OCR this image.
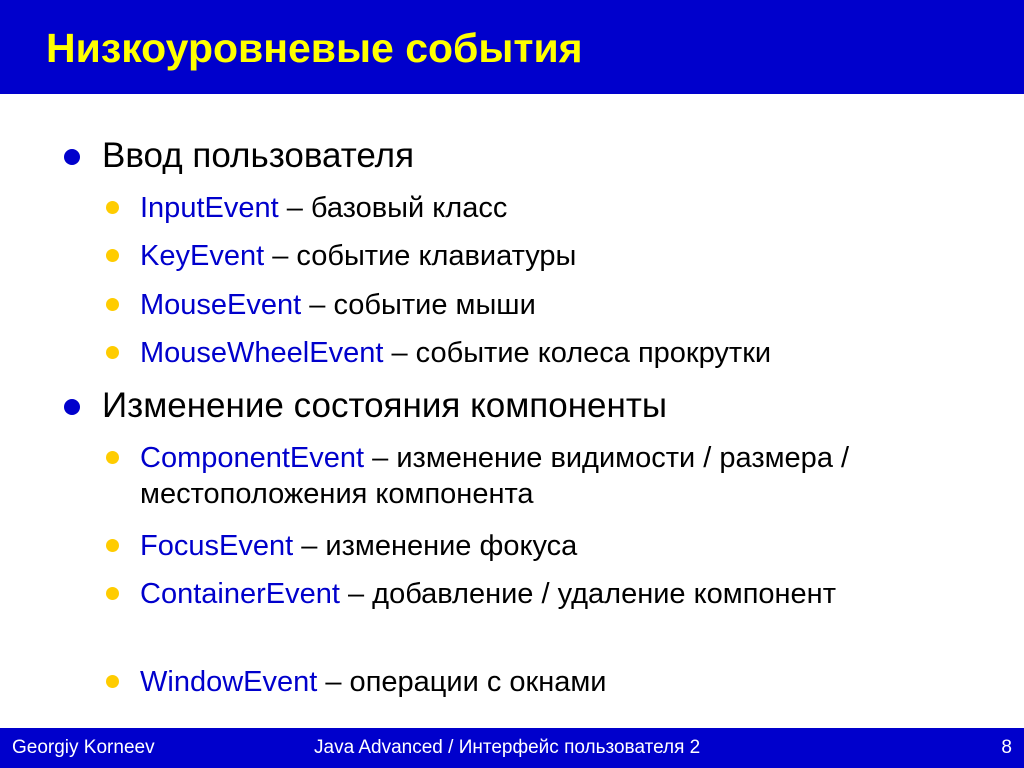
Низкоуровневые события
Ввод пользователя
InputEvent – базовый класс
KeyEvent – событие клавиатуры
MouseEvent – событие мыши
MouseWheelEvent – событие колеса прокрутки
Изменение состояния компоненты
ComponentEvent – изменение видимости / размера / местоположения компонента
FocusEvent – изменение фокуса
ContainerEvent – добавление / удаление компонент
WindowEvent – операции с окнами
Georgiy Korneev	Java Advanced / Интерфейс пользователя 2	8
